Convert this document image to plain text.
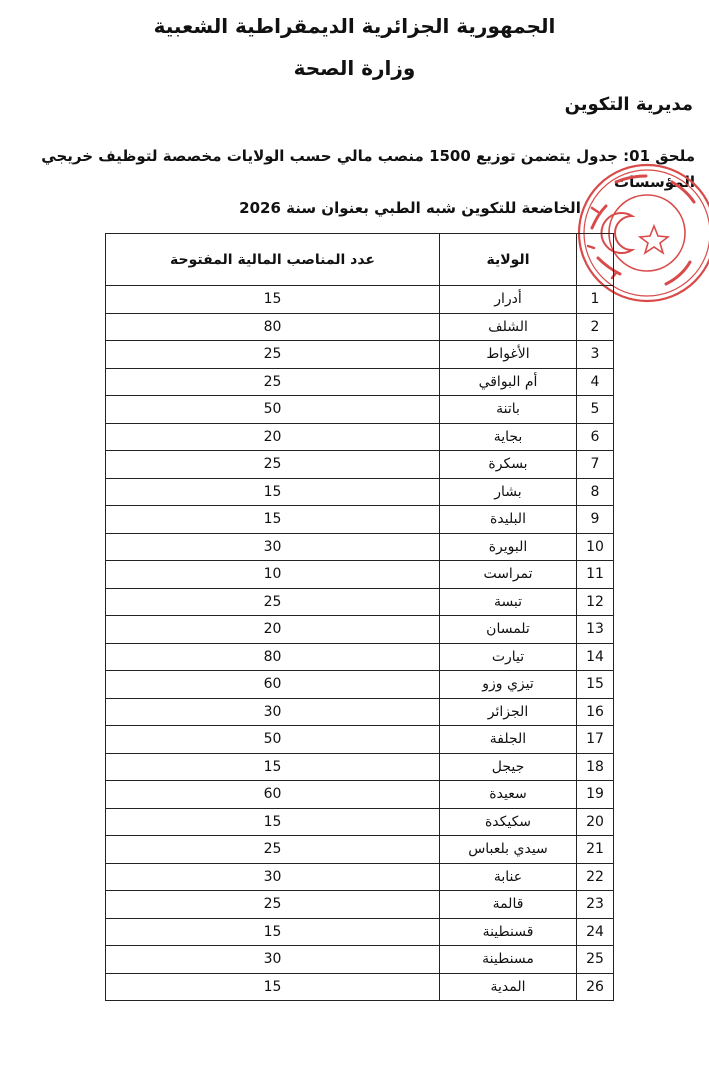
الجمهورية الجزائرية الديمقراطية الشعبية
وزارة الصحة
مديرية التكوين
ملحق 01: جدول يتضمن توزيع 1500 منصب مالي حسب الولايات مخصصة لتوظيف خريجي المؤسسات
الخاضعة للتكوين شبه الطبي بعنوان سنة 2026
	الولاية	عدد المناصب المالية المفتوحة
1	أدرار	15
2	الشلف	80
3	الأغواط	25
4	أم البواقي	25
5	باتنة	50
6	بجاية	20
7	بسكرة	25
8	بشار	15
9	البليدة	15
10	البويرة	30
11	تمراست	10
12	تبسة	25
13	تلمسان	20
14	تيارت	80
15	تيزي وزو	60
16	الجزائر	30
17	الجلفة	50
18	جيجل	15
19	سعيدة	60
20	سكيكدة	15
21	سيدي بلعباس	25
22	عنابة	30
23	قالمة	25
24	قسنطينة	15
25	مسنطينة	30
26	المدية	15
